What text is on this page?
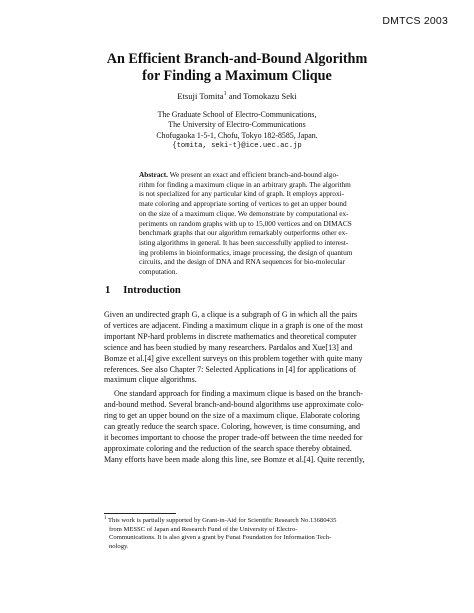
DMTCS 2003
An Efficient Branch-and-Bound Algorithm
for Finding a Maximum Clique
Etsuji Tomita$^1$ and Tomokazu Seki
The Graduate School of Electro-Communications,
The University of Electro-Communications
Chofugaoka 1-5-1, Chofu, Tokyo 182-8585, Japan.
{tomita, seki-t}@ice.uec.ac.jp
Abstract. We present an exact and efficient branch-and-bound algo-
rithm for finding a maximum clique in an arbitrary graph. The algorithm
is not specialized for any particular kind of graph. It employs approxi-
mate coloring and appropriate sorting of vertices to get an upper bound
on the size of a maximum clique. We demonstrate by computational ex-
periments on random graphs with up to 15,000 vertices and on DIMACS
benchmark graphs that our algorithm remarkably outperforms other ex-
isting algorithms in general. It has been successfully applied to interest-
ing problems in bioinformatics, image processing, the design of quantum
circuits, and the design of DNA and RNA sequences for bio-molecular
computation.
1 Introduction
Given an undirected graph G, a clique is a subgraph of G in which all the pairs
of vertices are adjacent. Finding a maximum clique in a graph is one of the most
important NP-hard problems in discrete mathematics and theoretical computer
science and has been studied by many researchers. Pardalos and Xue[13] and
Bomze et al.[4] give excellent surveys on this problem together with quite many
references. See also Chapter 7: Selected Applications in [4] for applications of
maximum clique algorithms.
One standard approach for finding a maximum clique is based on the branch-
and-bound method. Several branch-and-bound algorithms use approximate colo-
ring to get an upper bound on the size of a maximum clique. Elaborate coloring
can greatly reduce the search space. Coloring, however, is time consuming, and
it becomes important to choose the proper trade-off between the time needed for
approximate coloring and the reduction of the search space thereby obtained.
Many efforts have been made along this line, see Bomze et al.[4]. Quite recently,
$^1$ This work is partially supported by Grant-in-Aid for Scientific Research No.13680435
from MESSC of Japan and Research Fund of the University of Electro-
Communications. It is also given a grant by Funai Foundation for Information Tech-
nology.
